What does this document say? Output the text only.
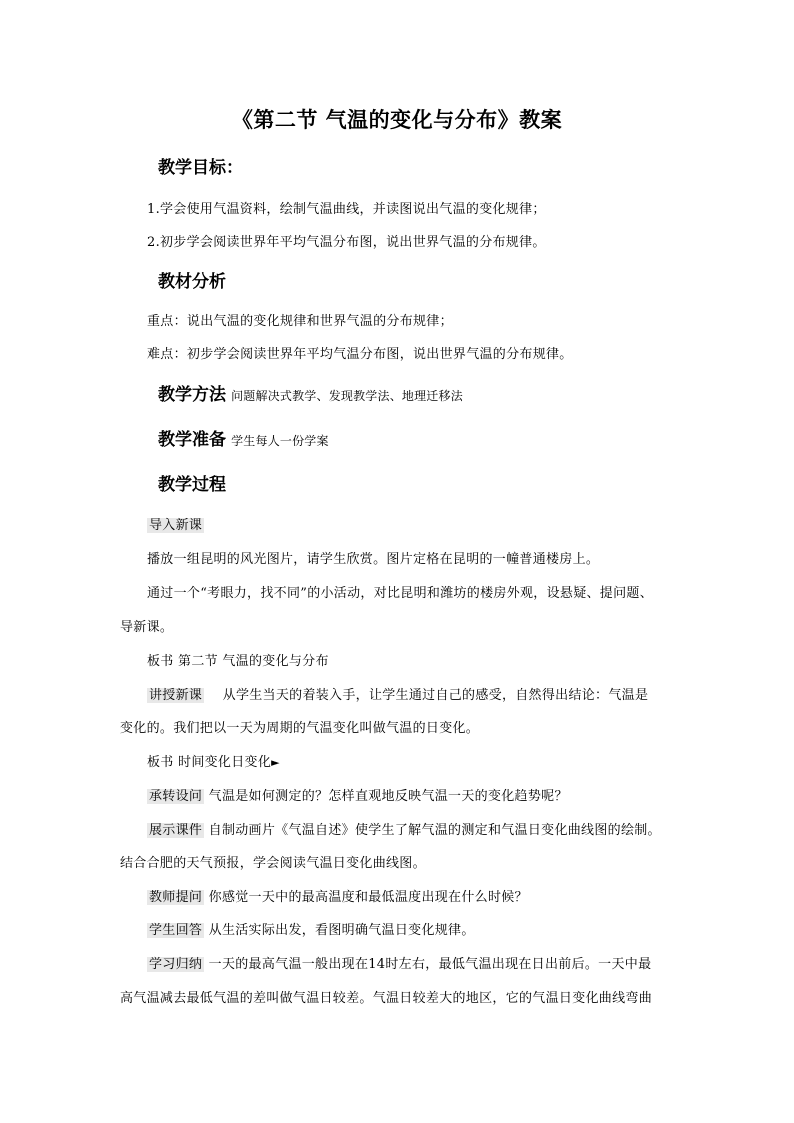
《第二节 气温的变化与分布》教案
教学目标：
1.学会使用气温资料，绘制气温曲线，并读图说出气温的变化规律；
2.初步学会阅读世界年平均气温分布图，说出世界气温的分布规律。
教材分析
重点：说出气温的变化规律和世界气温的分布规律；
难点：初步学会阅读世界年平均气温分布图，说出世界气温的分布规律。
教学方法 问题解决式教学、发现教学法、地理迁移法
教学准备 学生每人一份学案
教学过程
导入新课
播放一组昆明的风光图片，请学生欣赏。图片定格在昆明的一幢普通楼房上。
通过一个“考眼力，找不同”的小活动，对比昆明和潍坊的楼房外观，设悬疑、提问题、
导新课。
板书 第二节 气温的变化与分布
讲授新课 从学生当天的着装入手，让学生通过自己的感受，自然得出结论：气温是
变化的。我们把以一天为周期的气温变化叫做气温的日变化。
板书 时间变化日变化►
承转设问 气温是如何测定的？怎样直观地反映气温一天的变化趋势呢？
展示课件 自制动画片《气温自述》使学生了解气温的测定和气温日变化曲线图的绘制。
结合合肥的天气预报，学会阅读气温日变化曲线图。
教师提问 你感觉一天中的最高温度和最低温度出现在什么时候？
学生回答 从生活实际出发，看图明确气温日变化规律。
学习归纳 一天的最高气温一般出现在14时左右，最低气温出现在日出前后。一天中最
高气温减去最低气温的差叫做气温日较差。气温日较差大的地区，它的气温日变化曲线弯曲
